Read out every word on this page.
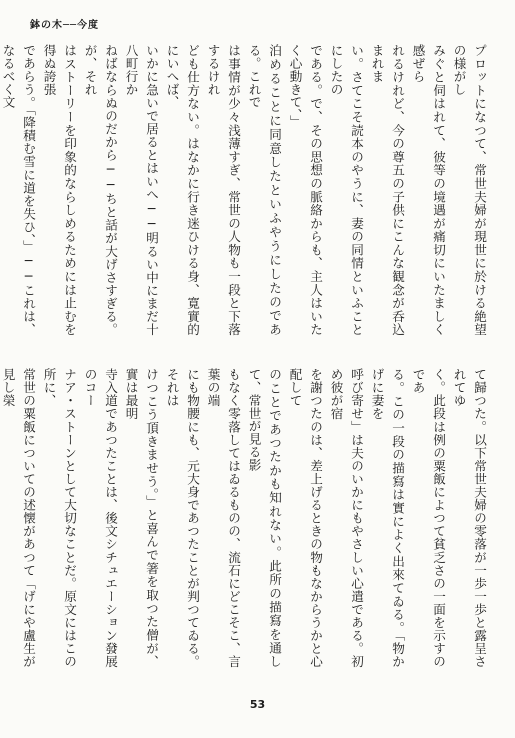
鉢の木──今度

プロットになつて、常世夫婦が現世に於ける絶望の様がし

みぐと伺はれて、彼等の境遇が痛切にいたましく感ぜら

れるけれど、今の尊五の子供にこんな観念が呑込まれま

い。さてこそ読本のやうに、妻の同情といふことにしたの

である。で、その思想の脈絡からも、主人はいたく心動きて、」

泊めることに同意したといふやうにしたのである。これで

は事情が少々浅薄すぎ、常世の人物も一段と下落するけれ

ども仕方ない。はなかに行き迷ひける身、寛實的にいへば、

いかに急いで居るとはいへ──明るい中にまだ十八町行か

ねばならぬのだから──ちと話が大げさすぎる。が、それ

はストーリーを印象的ならしめるためには止むを得ぬ誇張

であらう。「降積む雪に道を失ひ、」──これは、なるべく文

て歸つた。以下常世夫婦の零落が一歩一歩と露呈されてゆ

く。此段は例の粟飯によつて貧乏さの一面を示すのであ

る。この一段の描寫は實によく出來てゐる。「物かげに妻を

呼び寄せ」は夫のいかにもやさしい心遣である。初め彼が宿

を謝つたのは、差上げるときの物もなからうかと心配して

のことであつたかも知れない。此所の描寫を通して、常世が見る影

もなく零落してはゐるものの、流石にどこそこ、言葉の端

にも物腰にも、元大身であつたことが判つてゐる。それは

けつこう頂きませう。」と喜んで箸を取つた僧が、實は最明

寺入道であつたことは、後文シチュエーション發展のコー

ナア・ストーンとして大切なことだ。原文にはこの所に、

常世の粟飯についての述懐があつて「げにや盧生が見し榮

53
